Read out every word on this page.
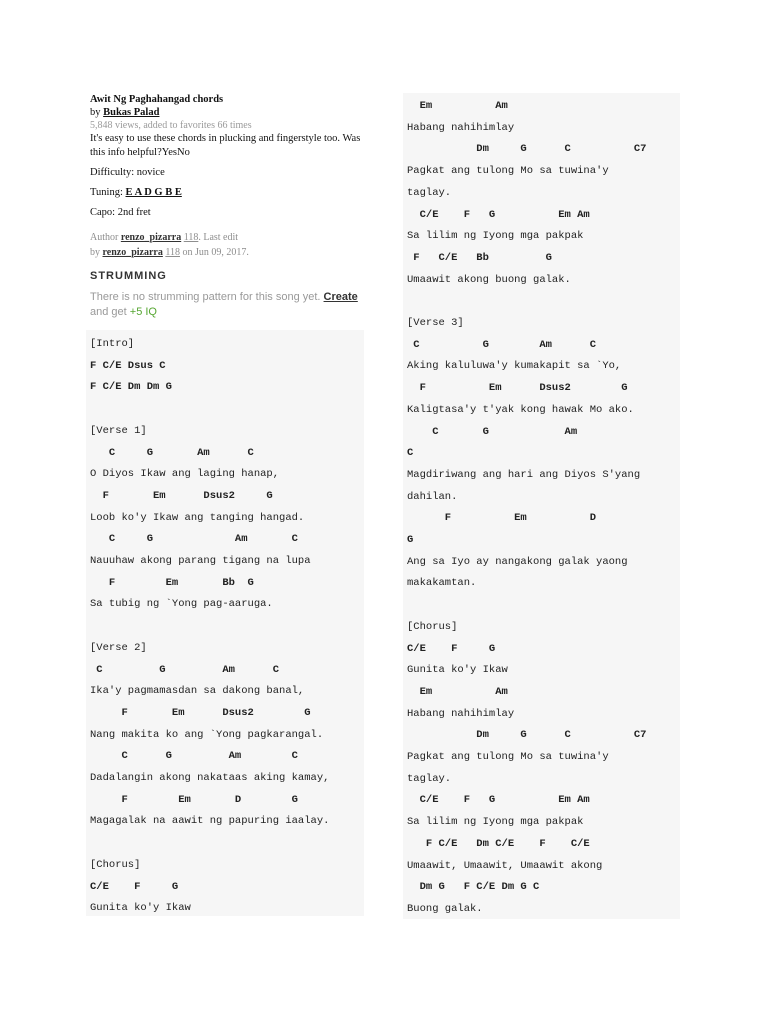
Awit Ng Paghahangad chords
by Bukas Palad
5,848 views, added to favorites 66 times
It's easy to use these chords in plucking and fingerstyle too. Was this info helpful?YesNo
Difficulty: novice
Tuning: E A D G B E
Capo: 2nd fret
Author renzo_pizarra 118. Last edit
by renzo_pizarra 118 on Jun 09, 2017.
STRUMMING
There is no strumming pattern for this song yet. Create and get +5 IQ
[Intro]
F C/E Dsus C
F C/E Dm Dm G
[Verse 1]
C     G       Am      C
O Diyos Ikaw ang laging hanap,
F       Em      Dsus2     G
Loob ko'y Ikaw ang tanging hangad.
C     G             Am       C
Nauuhaw akong parang tigang na lupa
F        Em       Bb  G
Sa tubig ng `Yong pag-aaruga.
[Verse 2]
C         G         Am      C
Ika'y pagmamasdan sa dakong banal,
F       Em      Dsus2        G
Nang makita ko ang `Yong pagkarangal.
C      G         Am        C
Dadalangin akong nakataas aking kamay,
F        Em       D        G
Magagalak na aawit ng papuring iaalay.
[Chorus]
C/E    F     G
Gunita ko'y Ikaw
Em          Am
Habang nahihimlay
Dm     G      C          C7
Pagkat ang tulong Mo sa tuwina'y
taglay.
C/E    F   G          Em Am
Sa lilim ng Iyong mga pakpak
F   C/E   Bb         G
Umaawit akong buong galak.
[Verse 3]
C          G        Am      C
Aking kaluluwa'y kumakapit sa `Yo,
F          Em      Dsus2        G
Kaligtasa'y t'yak kong hawak Mo ako.
C       G            Am
C
Magdiriwang ang hari ang Diyos S'yang
dahilan.
F          Em          D
G
Ang sa Iyo ay nangakong galak yaong
makakamtan.
[Chorus]
C/E    F     G
Gunita ko'y Ikaw
Em          Am
Habang nahihimlay
Dm     G      C          C7
Pagkat ang tulong Mo sa tuwina'y
taglay.
C/E    F   G          Em Am
Sa lilim ng Iyong mga pakpak
F C/E   Dm C/E    F    C/E
Umaawit, Umaawit, Umaawit akong
Dm G   F C/E Dm G C
Buong galak.
